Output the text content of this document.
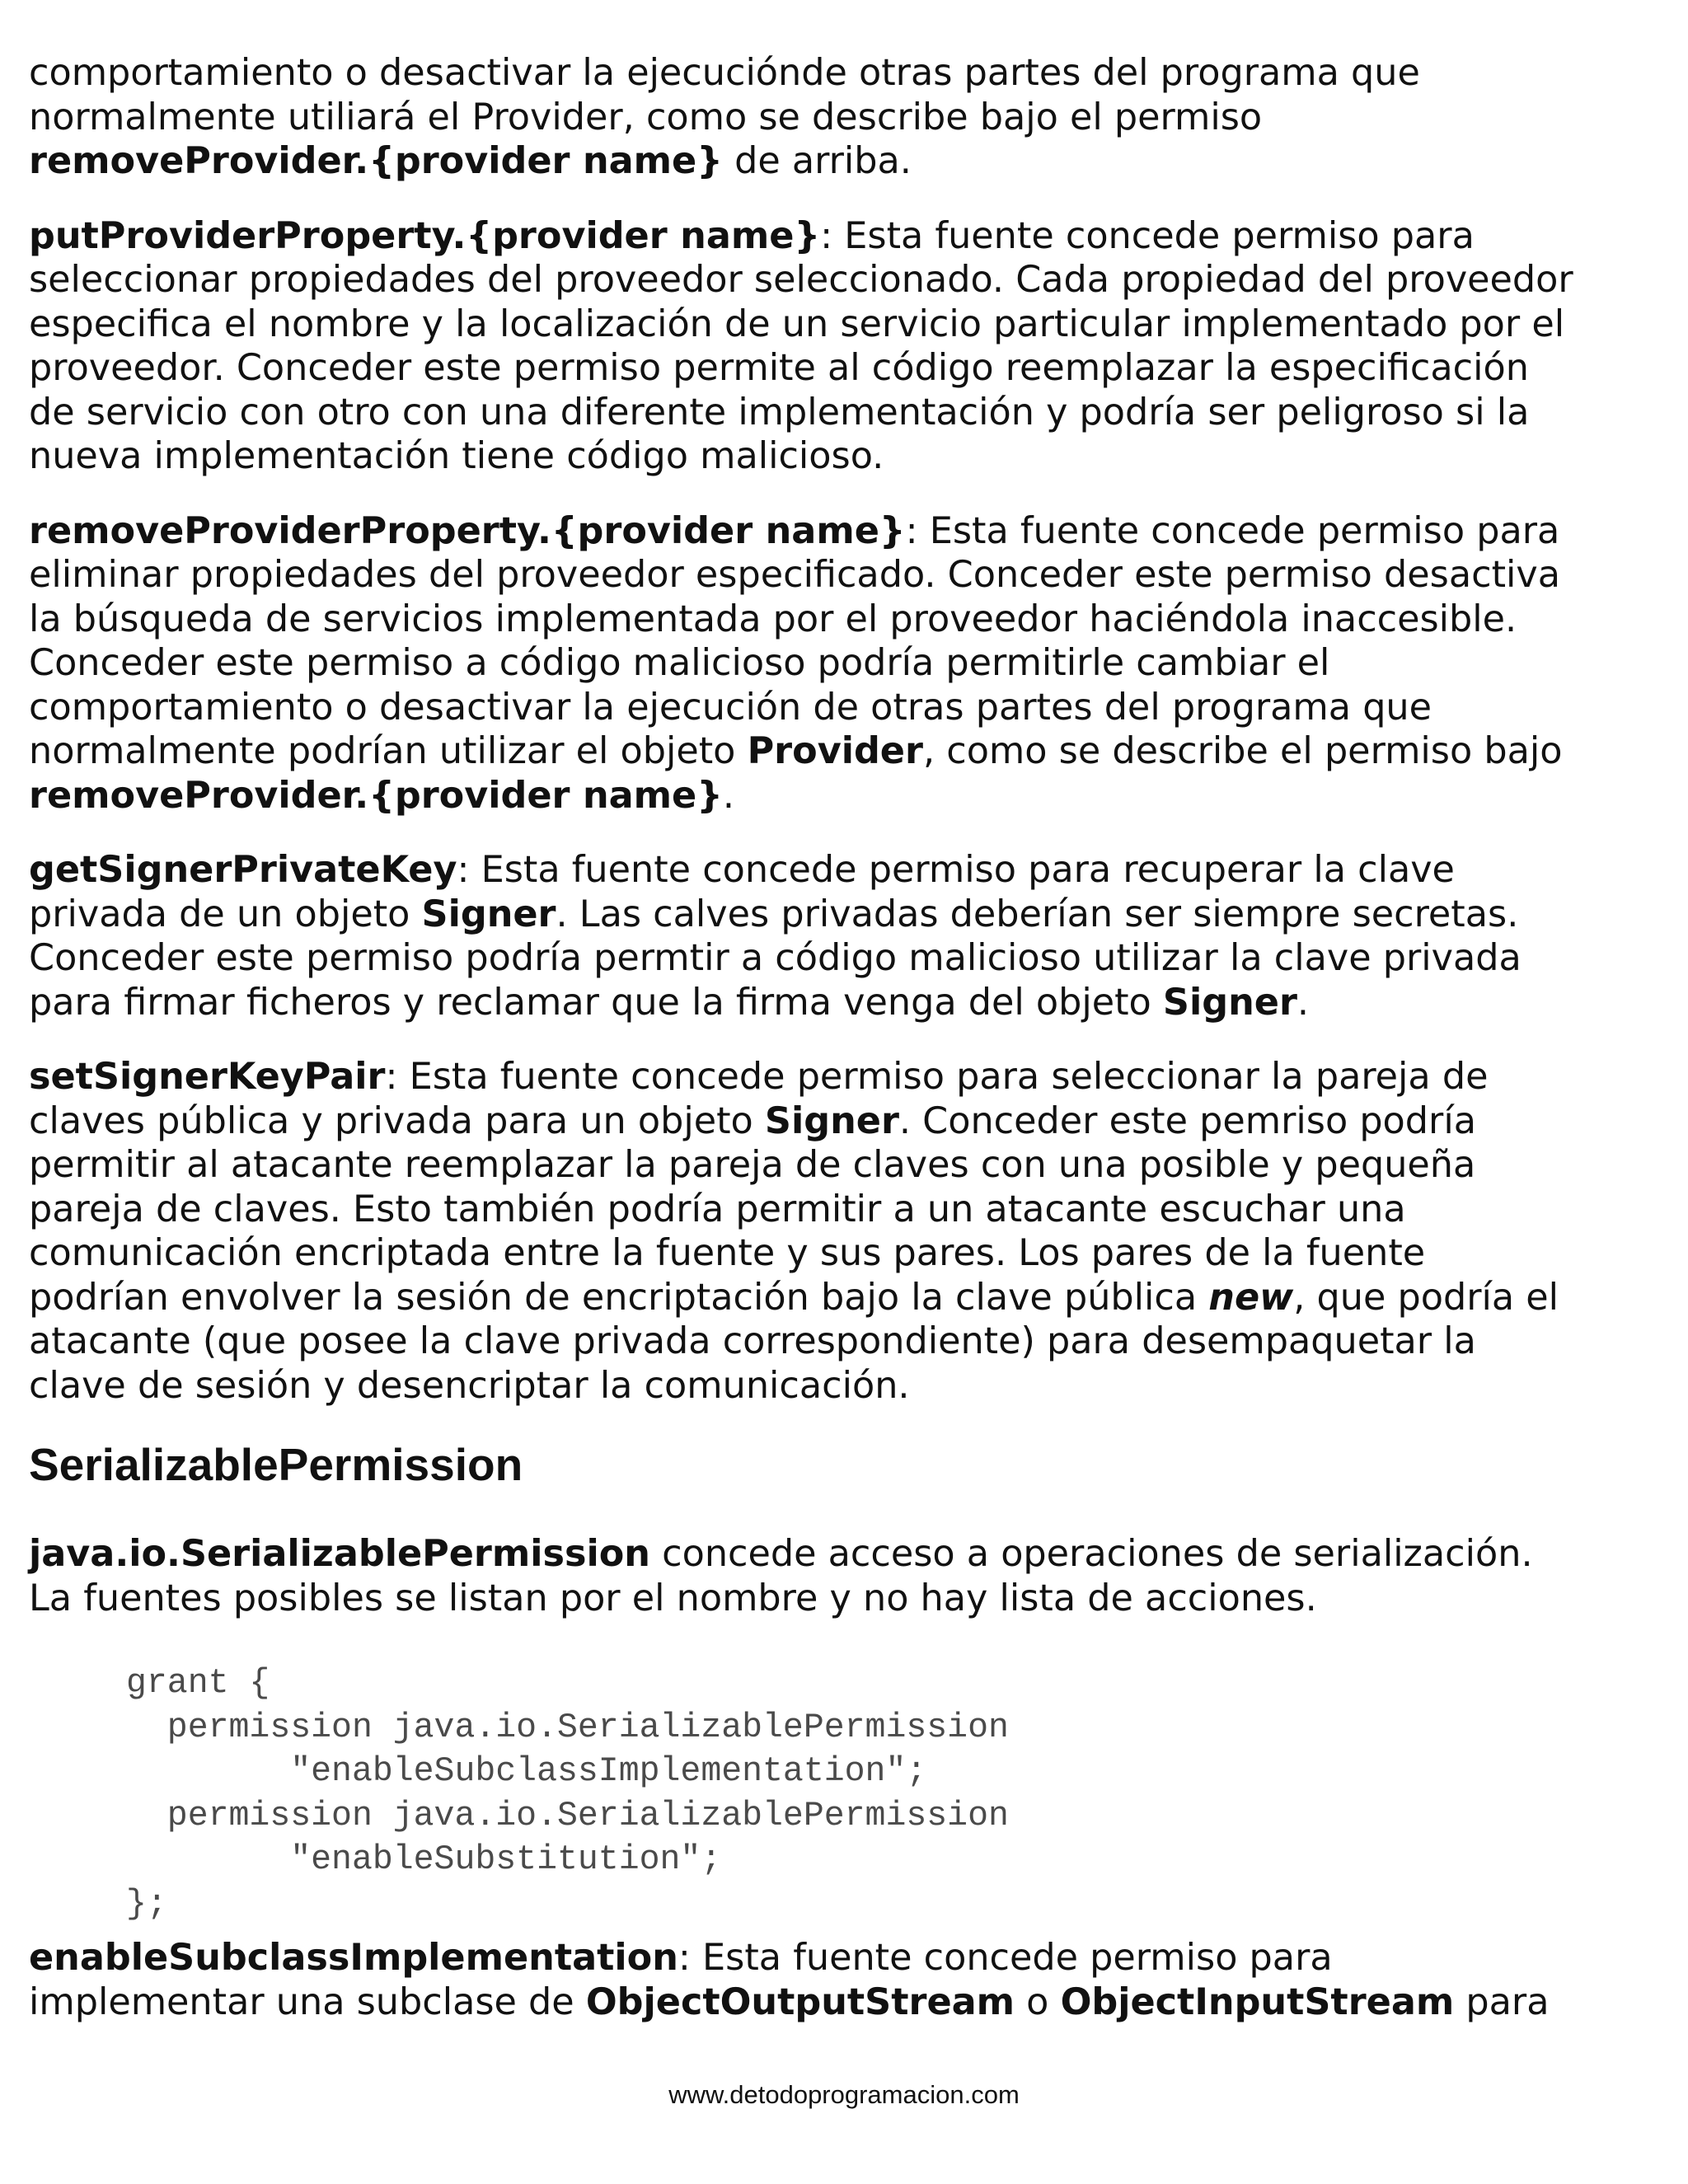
comportamiento o desactivar la ejecuciónde otras partes del programa que
normalmente utiliará el Provider, como se describe bajo el permiso
removeProvider.{provider name} de arriba.

putProviderProperty.{provider name}: Esta fuente concede permiso para
seleccionar propiedades del proveedor seleccionado. Cada propiedad del proveedor
especifica el nombre y la localización de un servicio particular implementado por el
proveedor. Conceder este permiso permite al código reemplazar la especificación
de servicio con otro con una diferente implementación y podría ser peligroso si la
nueva implementación tiene código malicioso.

removeProviderProperty.{provider name}: Esta fuente concede permiso para
eliminar propiedades del proveedor especificado. Conceder este permiso desactiva
la búsqueda de servicios implementada por el proveedor haciéndola inaccesible.
Conceder este permiso a código malicioso podría permitirle cambiar el
comportamiento o desactivar la ejecución de otras partes del programa que
normalmente podrían utilizar el objeto Provider, como se describe el permiso bajo
removeProvider.{provider name}.

getSignerPrivateKey: Esta fuente concede permiso para recuperar la clave
privada de un objeto Signer. Las calves privadas deberían ser siempre secretas.
Conceder este permiso podría permtir a código malicioso utilizar la clave privada
para firmar ficheros y reclamar que la firma venga del objeto Signer.

setSignerKeyPair: Esta fuente concede permiso para seleccionar la pareja de
claves pública y privada para un objeto Signer. Conceder este pemriso podría
permitir al atacante reemplazar la pareja de claves con una posible y pequeña
pareja de claves. Esto también podría permitir a un atacante escuchar una
comunicación encriptada entre la fuente y sus pares. Los pares de la fuente
podrían envolver la sesión de encriptación bajo la clave pública new, que podría el
atacante (que posee la clave privada correspondiente) para desempaquetar la
clave de sesión y desencriptar la comunicación.

SerializablePermission

java.io.SerializablePermission concede acceso a operaciones de serialización.
La fuentes posibles se listan por el nombre y no hay lista de acciones.

grant {
permission java.io.SerializablePermission
"enableSubclassImplementation";
permission java.io.SerializablePermission
"enableSubstitution";
};

enableSubclassImplementation: Esta fuente concede permiso para
implementar una subclase de ObjectOutputStream o ObjectInputStream para

www.detodoprogramacion.com
